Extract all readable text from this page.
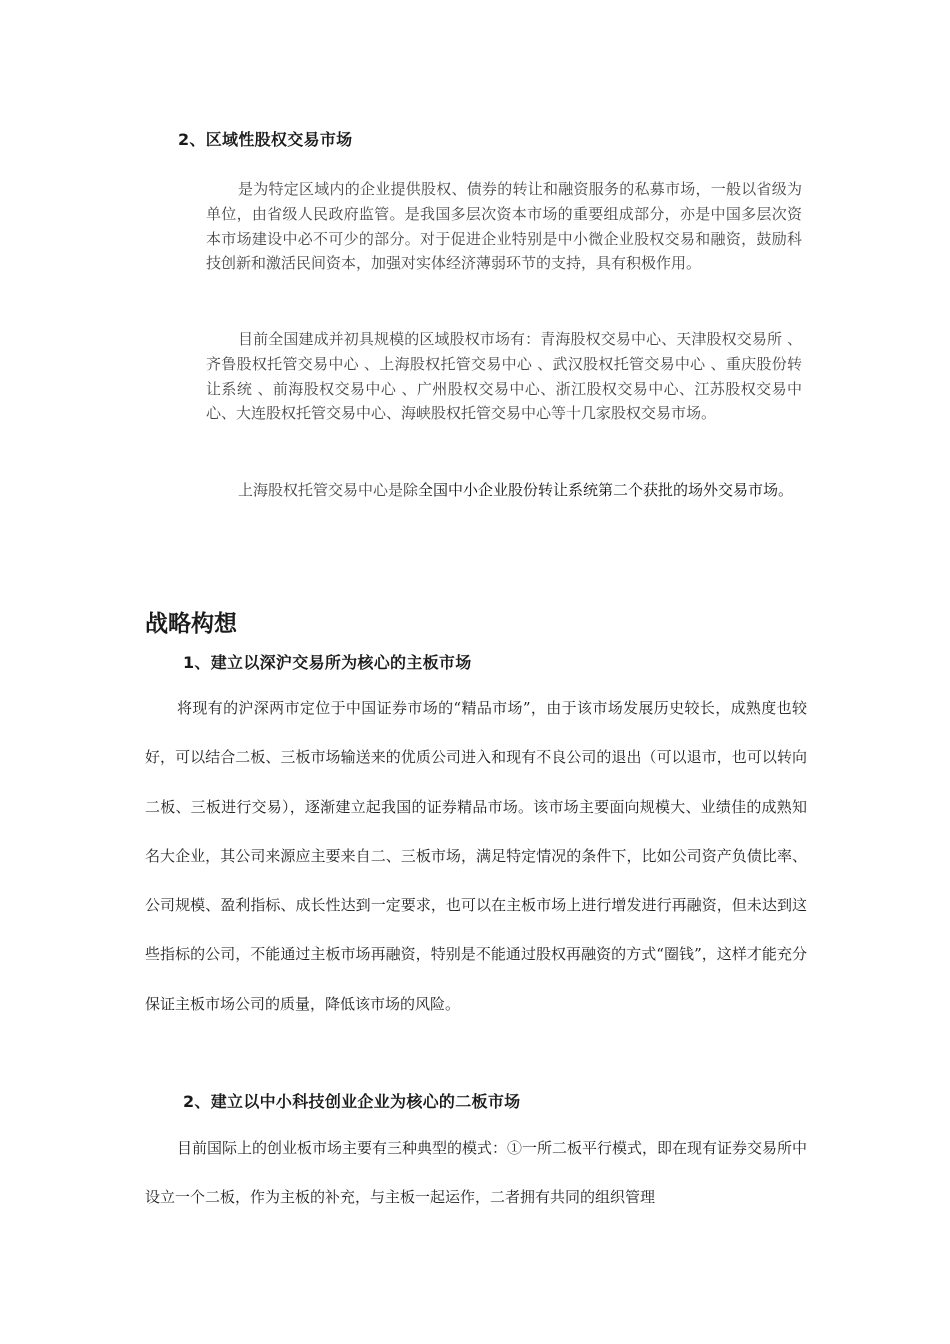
2、区域性股权交易市场

是为特定区域内的企业提供股权、债券的转让和融资服务的私募市场，一般以省级为单位，由省级人民政府监管。是我国多层次资本市场的重要组成部分，亦是中国多层次资本市场建设中必不可少的部分。对于促进企业特别是中小微企业股权交易和融资，鼓励科技创新和激活民间资本，加强对实体经济薄弱环节的支持，具有积极作用。

目前全国建成并初具规模的区域股权市场有：青海股权交易中心、天津股权交易所 、齐鲁股权托管交易中心 、上海股权托管交易中心 、武汉股权托管交易中心 、重庆股份转让系统 、前海股权交易中心 、广州股权交易中心、浙江股权交易中心、江苏股权交易中心、大连股权托管交易中心、海峡股权托管交易中心等十几家股权交易市场。

上海股权托管交易中心是除全国中小企业股份转让系统第二个获批的场外交易市场。

战略构想
1、建立以深沪交易所为核心的主板市场

将现有的沪深两市定位于中国证券市场的“精品市场”，由于该市场发展历史较长，成熟度也较好，可以结合二板、三板市场输送来的优质公司进入和现有不良公司的退出（可以退市，也可以转向二板、三板进行交易），逐渐建立起我国的证券精品市场。该市场主要面向规模大、业绩佳的成熟知名大企业，其公司来源应主要来自二、三板市场，满足特定情况的条件下，比如公司资产负债比率、公司规模、盈利指标、成长性达到一定要求，也可以在主板市场上进行增发进行再融资，但未达到这些指标的公司，不能通过主板市场再融资，特别是不能通过股权再融资的方式“圈钱”，这样才能充分保证主板市场公司的质量，降低该市场的风险。

2、建立以中小科技创业企业为核心的二板市场

目前国际上的创业板市场主要有三种典型的模式：①一所二板平行模式，即在现有证券交易所中设立一个二板，作为主板的补充，与主板一起运作，二者拥有共同的组织管理
